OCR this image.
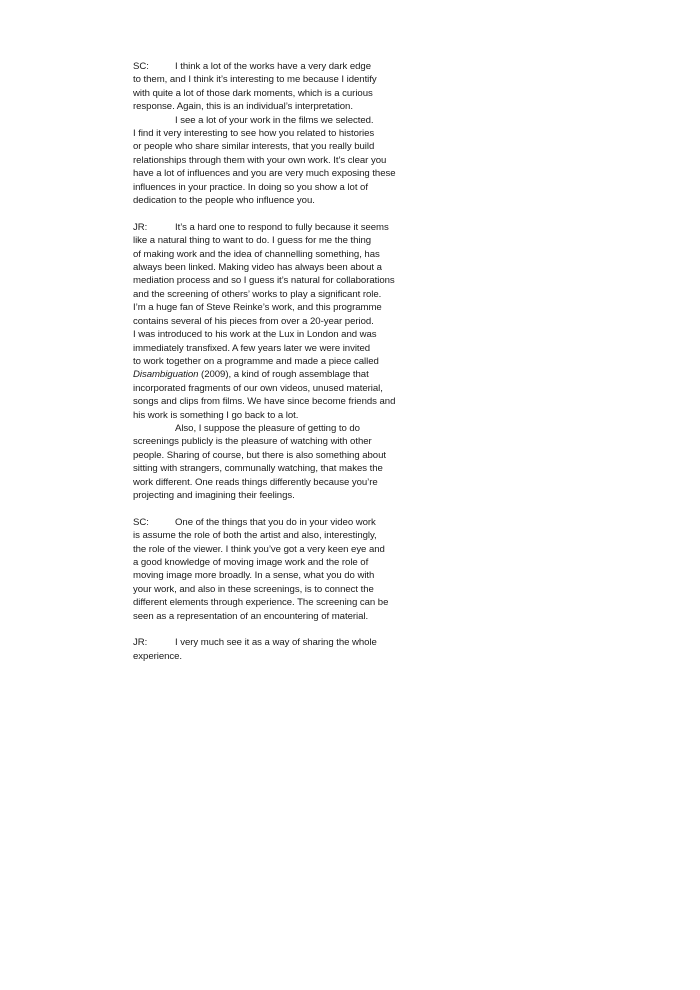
SC:	I think a lot of the works have a very dark edge
to them, and I think it’s interesting to me because I identify
with quite a lot of those dark moments, which is a curious
response. Again, this is an individual’s interpretation.
I see a lot of your work in the films we selected.
I find it very interesting to see how you related to histories
or people who share similar interests, that you really build
relationships through them with your own work. It’s clear you
have a lot of influences and you are very much exposing these
influences in your practice. In doing so you show a lot of
dedication to the people who influence you.
JR:	It’s a hard one to respond to fully because it seems
like a natural thing to want to do. I guess for me the thing
of making work and the idea of channelling something, has
always been linked. Making video has always been about a
mediation process and so I guess it’s natural for collaborations
and the screening of others’ works to play a significant role.
I’m a huge fan of Steve Reinke’s work, and this programme
contains several of his pieces from over a 20-year period.
I was introduced to his work at the Lux in London and was
immediately transfixed. A few years later we were invited
to work together on a programme and made a piece called
Disambiguation (2009), a kind of rough assemblage that
incorporated fragments of our own videos, unused material,
songs and clips from films. We have since become friends and
his work is something I go back to a lot.
Also, I suppose the pleasure of getting to do
screenings publicly is the pleasure of watching with other
people. Sharing of course, but there is also something about
sitting with strangers, communally watching, that makes the
work different. One reads things differently because you’re
projecting and imagining their feelings.
SC:	One of the things that you do in your video work
is assume the role of both the artist and also, interestingly,
the role of the viewer. I think you’ve got a very keen eye and
a good knowledge of moving image work and the role of
moving image more broadly. In a sense, what you do with
your work, and also in these screenings, is to connect the
different elements through experience. The screening can be
seen as a representation of an encountering of material.
JR:	I very much see it as a way of sharing the whole
experience.
